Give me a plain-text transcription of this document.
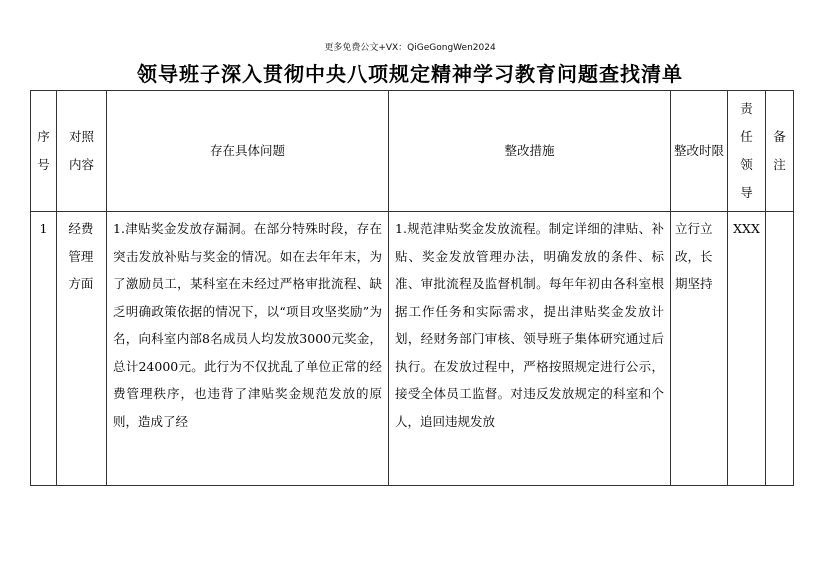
更多免费公文+VX：QiGeGongWen2024
领导班子深入贯彻中央八项规定精神学习教育问题查找清单
序号	对照内容	存在具体问题	整改措施	整改时限	责任领导	备注

1	经费管理方面	1.津贴奖金发放存漏洞。在部分特殊时段，存在突击发放补贴与奖金的情况。如在去年年末，为了激励员工，某科室在未经过严格审批流程、缺乏明确政策依据的情况下，以“项目攻坚奖励”为名，向科室内部8名成员人均发放3000元奖金，总计24000元。此行为不仅扰乱了单位正常的经费管理秩序，也违背了津贴奖金规范发放的原则，造成了经	1.规范津贴奖金发放流程。制定详细的津贴、补贴、奖金发放管理办法，明确发放的条件、标准、审批流程及监督机制。每年年初由各科室根据工作任务和实际需求，提出津贴奖金发放计划，经财务部门审核、领导班子集体研究通过后执行。在发放过程中，严格按照规定进行公示，接受全体员工监督。对违反发放规定的科室和个人，追回违规发放	立行立改，长期坚持	XXX	
